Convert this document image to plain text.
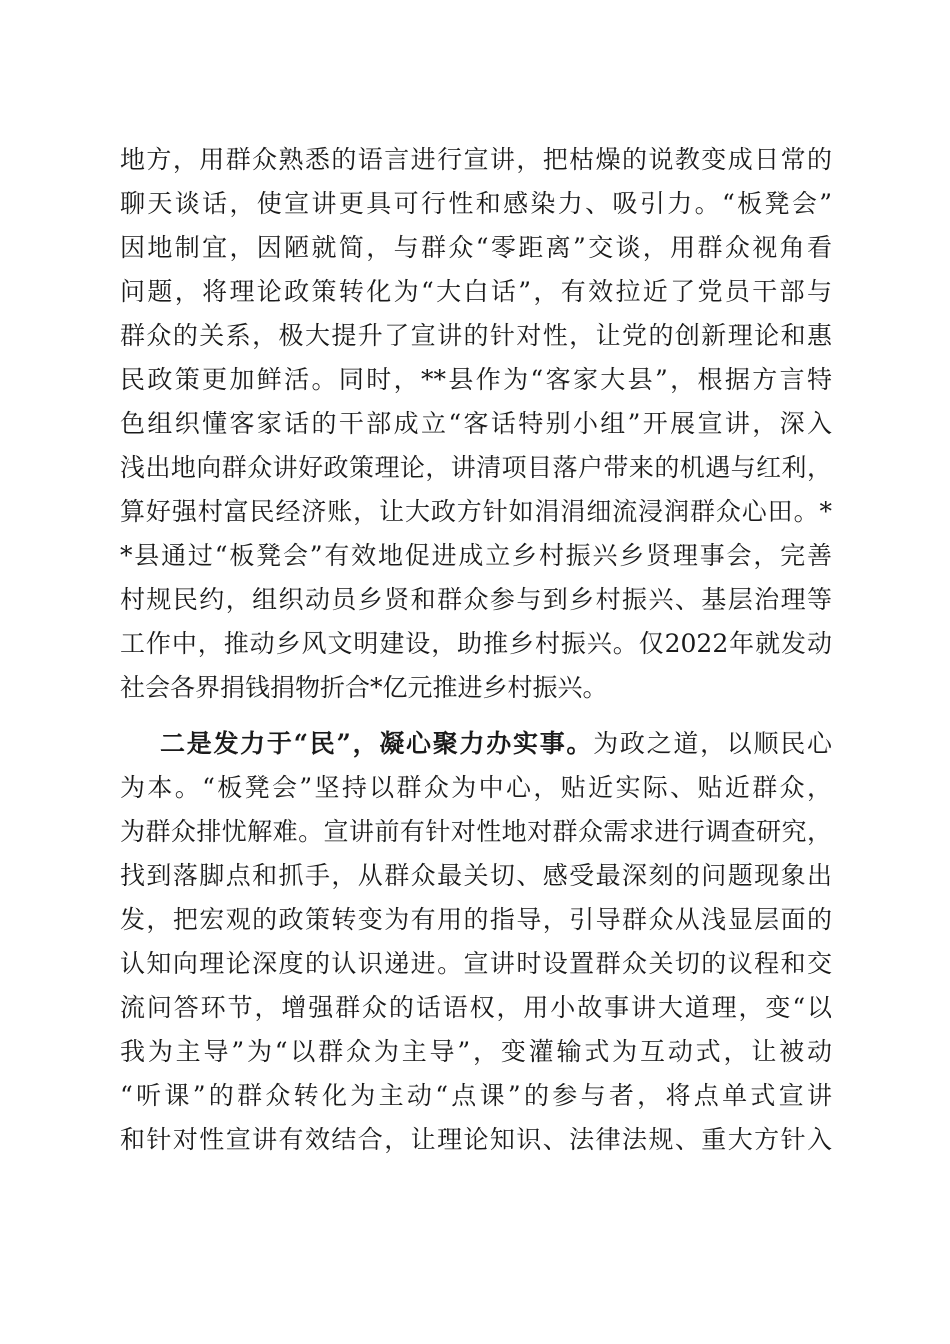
地方，用群众熟悉的语言进行宣讲，把枯燥的说教变成日常的
聊天谈话，使宣讲更具可行性和感染力、吸引力。“板凳会”
因地制宜，因陋就简，与群众“零距离”交谈，用群众视角看
问题，将理论政策转化为“大白话”，有效拉近了党员干部与
群众的关系，极大提升了宣讲的针对性，让党的创新理论和惠
民政策更加鲜活。同时，**县作为“客家大县”，根据方言特
色组织懂客家话的干部成立“客话特别小组”开展宣讲，深入
浅出地向群众讲好政策理论，讲清项目落户带来的机遇与红利，
算好强村富民经济账，让大政方针如涓涓细流浸润群众心田。*
*县通过“板凳会”有效地促进成立乡村振兴乡贤理事会，完善
村规民约，组织动员乡贤和群众参与到乡村振兴、基层治理等
工作中，推动乡风文明建设，助推乡村振兴。仅2022年就发动
社会各界捐钱捐物折合*亿元推进乡村振兴。
二是发力于“民”，凝心聚力办实事。为政之道，以顺民心
为本。“板凳会”坚持以群众为中心，贴近实际、贴近群众，
为群众排忧解难。宣讲前有针对性地对群众需求进行调查研究，
找到落脚点和抓手，从群众最关切、感受最深刻的问题现象出
发，把宏观的政策转变为有用的指导，引导群众从浅显层面的
认知向理论深度的认识递进。宣讲时设置群众关切的议程和交
流问答环节，增强群众的话语权，用小故事讲大道理，变“以
我为主导”为“以群众为主导”，变灌输式为互动式，让被动
“听课”的群众转化为主动“点课”的参与者，将点单式宣讲
和针对性宣讲有效结合，让理论知识、法律法规、重大方针入
